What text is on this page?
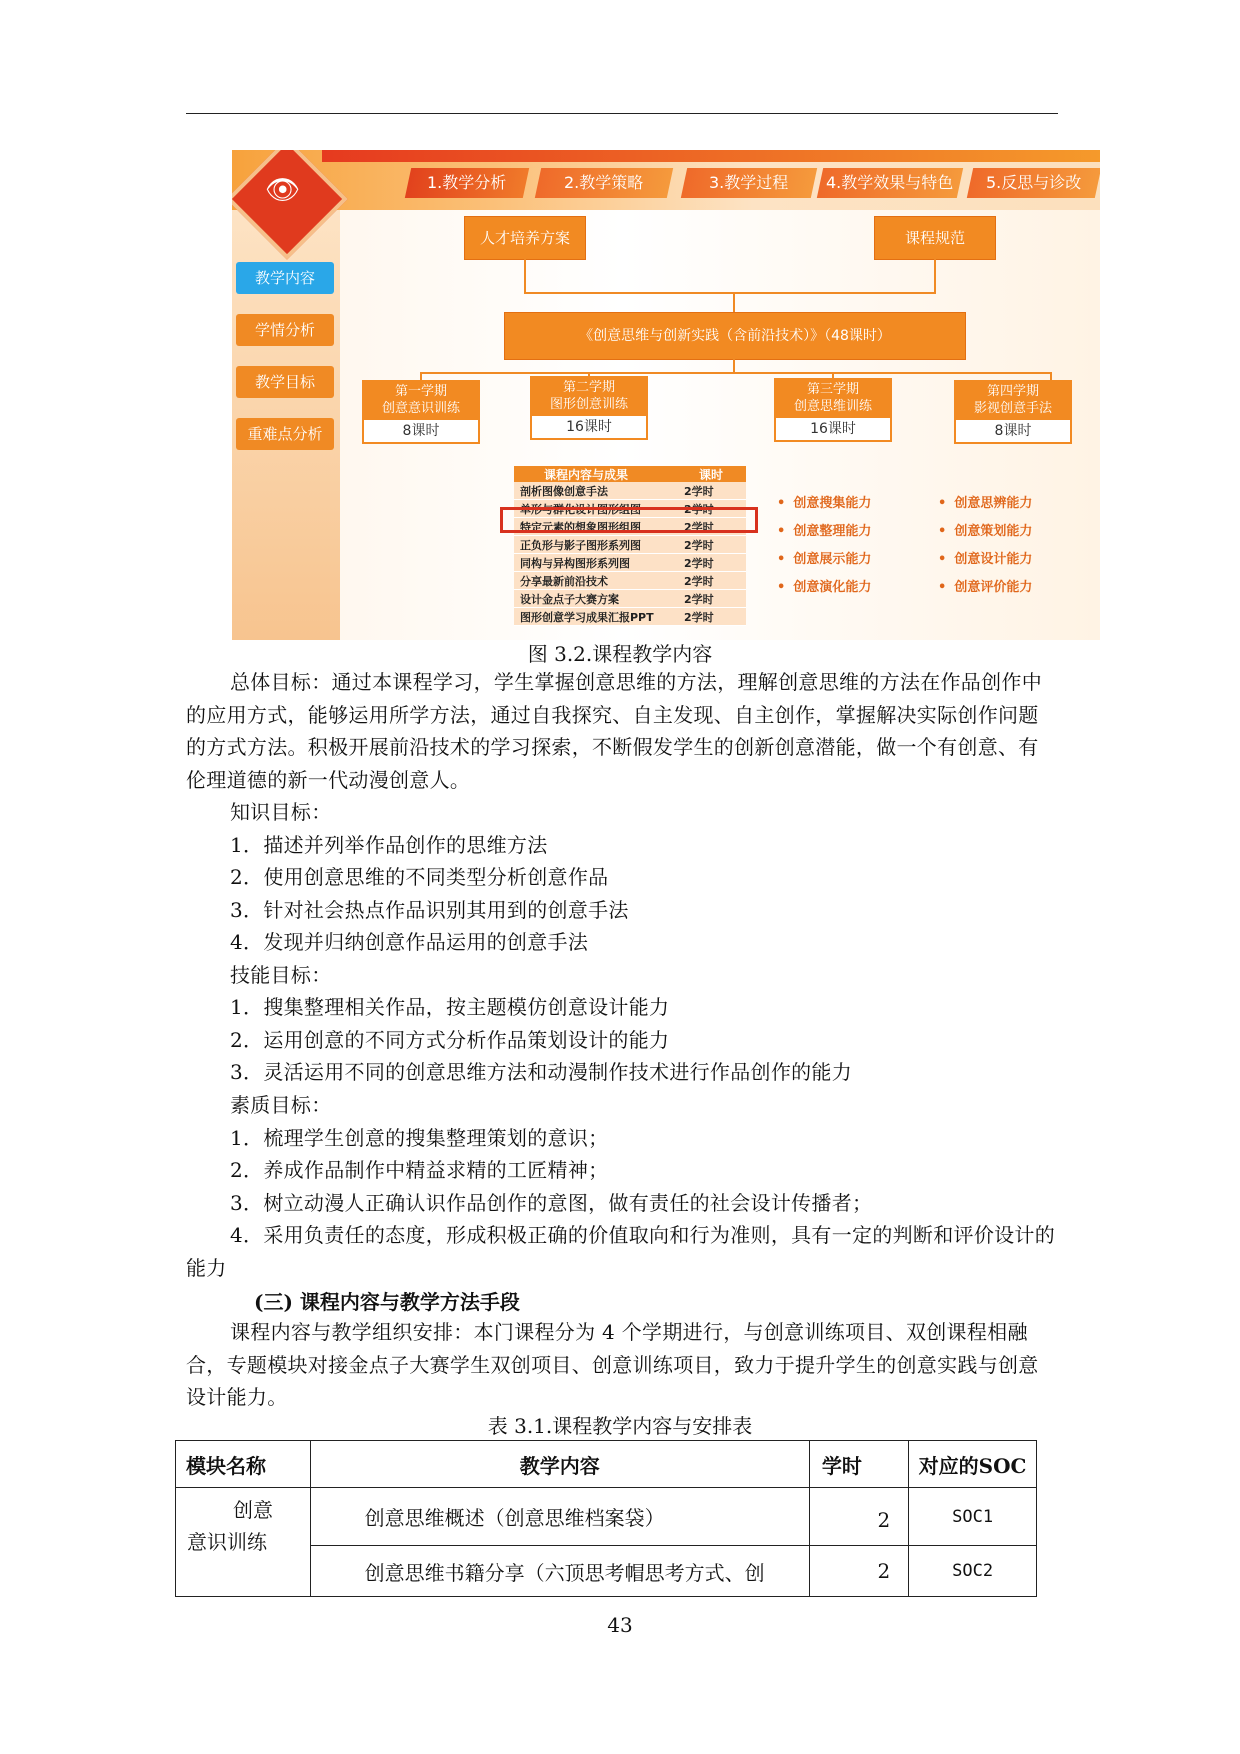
👁	1.教学分析	2.教学策略	3.教学过程	4.教学效果与特色	5.反思与诊改
教学内容
学情分析
教学目标
重难点分析
人才培养方案	课程规范
《创意思维与创新实践（含前沿技术）》（48课时）
第一学期
创意意识训练
8课时
第二学期
图形创意训练
16课时
第三学期
创意思维训练
16课时
第四学期
影视创意手法
8课时
课程内容与成果	课时
剖析图像创意手法	2学时
单形与群化设计图形组图	2学时
特定元素的想象图形组图	2学时
正负形与影子图形系列图	2学时
同构与异构图形系列图	2学时
分享最新前沿技术	2学时
设计金点子大赛方案	2学时
图形创意学习成果汇报PPT	2学时
• 创意搜集能力
• 创意整理能力
• 创意展示能力
• 创意演化能力
• 创意思辨能力
• 创意策划能力
• 创意设计能力
• 创意评价能力
图 3.2.课程教学内容

总体目标：通过本课程学习，学生掌握创意思维的方法，理解创意思维的方法在作品创作中的应用方式，能够运用所学方法，通过自我探究、自主发现、自主创作，掌握解决实际创作问题的方式方法。积极开展前沿技术的学习探索，不断假发学生的创新创意潜能，做一个有创意、有伦理道德的新一代动漫创意人。

知识目标：
1．描述并列举作品创作的思维方法
2．使用创意思维的不同类型分析创意作品
3．针对社会热点作品识别其用到的创意手法
4．发现并归纳创意作品运用的创意手法
技能目标：
1．搜集整理相关作品，按主题模仿创意设计能力
2．运用创意的不同方式分析作品策划设计的能力
3．灵活运用不同的创意思维方法和动漫制作技术进行作品创作的能力
素质目标：
1．梳理学生创意的搜集整理策划的意识；
2．养成作品制作中精益求精的工匠精神；
3．树立动漫人正确认识作品创作的意图，做有责任的社会设计传播者；

4．采用负责任的态度，形成积极正确的价值取向和行为准则，具有一定的判断和评价设计的能力

(三) 课程内容与教学方法手段

课程内容与教学组织安排：本门课程分为 4 个学期进行，与创意训练项目、双创课程相融合，专题模块对接金点子大赛学生双创项目、创意训练项目，致力于提升学生的创意实践与创意设计能力。

表 3.1.课程教学内容与安排表
模块名称	教学内容	学时	对应的SOC

创意
意识训练	创意思维概述（创意思维档案袋）	2	SOC1
	创意思维书籍分享（六顶思考帽思考方式、创	2	SOC2
43
